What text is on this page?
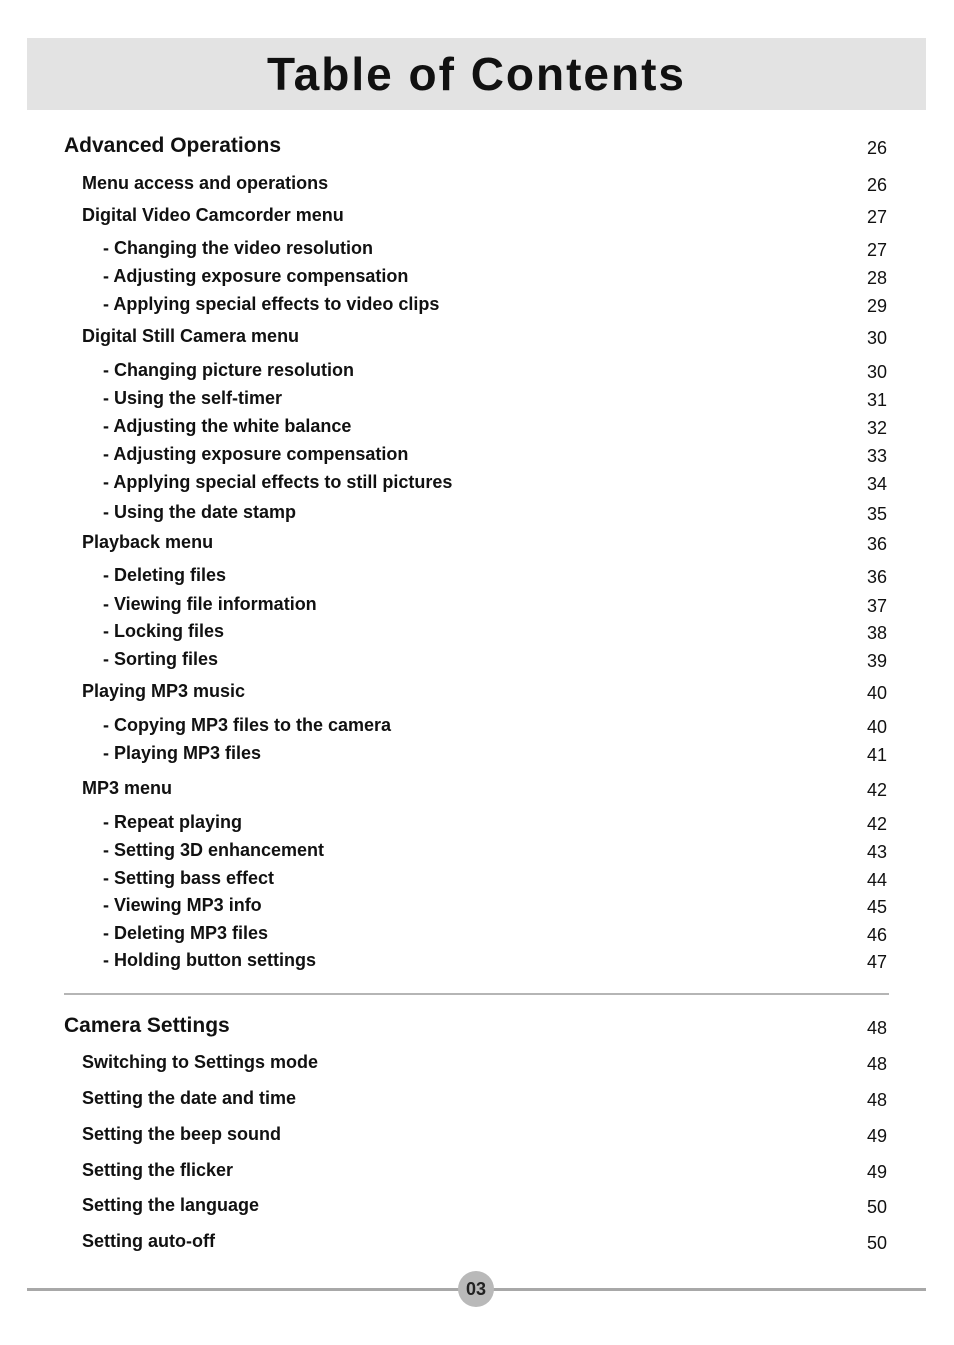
Table of Contents
Advanced Operations	26
Menu access and operations	26
Digital Video Camcorder menu	27
- Changing the video resolution	27
- Adjusting exposure compensation	28
- Applying special effects to video clips	29
Digital Still Camera menu	30
- Changing picture resolution	30
- Using the self-timer	31
- Adjusting the white balance	32
- Adjusting exposure compensation	33
- Applying special effects to still pictures	34
- Using the date stamp	35
Playback menu	36
- Deleting files	36
- Viewing file information	37
- Locking files	38
- Sorting files	39
Playing MP3 music	40
- Copying MP3 files to the camera	40
- Playing MP3 files	41
MP3 menu	42
- Repeat playing	42
- Setting 3D enhancement	43
- Setting bass effect	44
- Viewing MP3 info	45
- Deleting MP3 files	46
- Holding button settings	47
Camera Settings	48
Switching to Settings mode	48
Setting the date and time	48
Setting the beep sound	49
Setting the flicker	49
Setting the language	50
Setting auto-off	50
03
